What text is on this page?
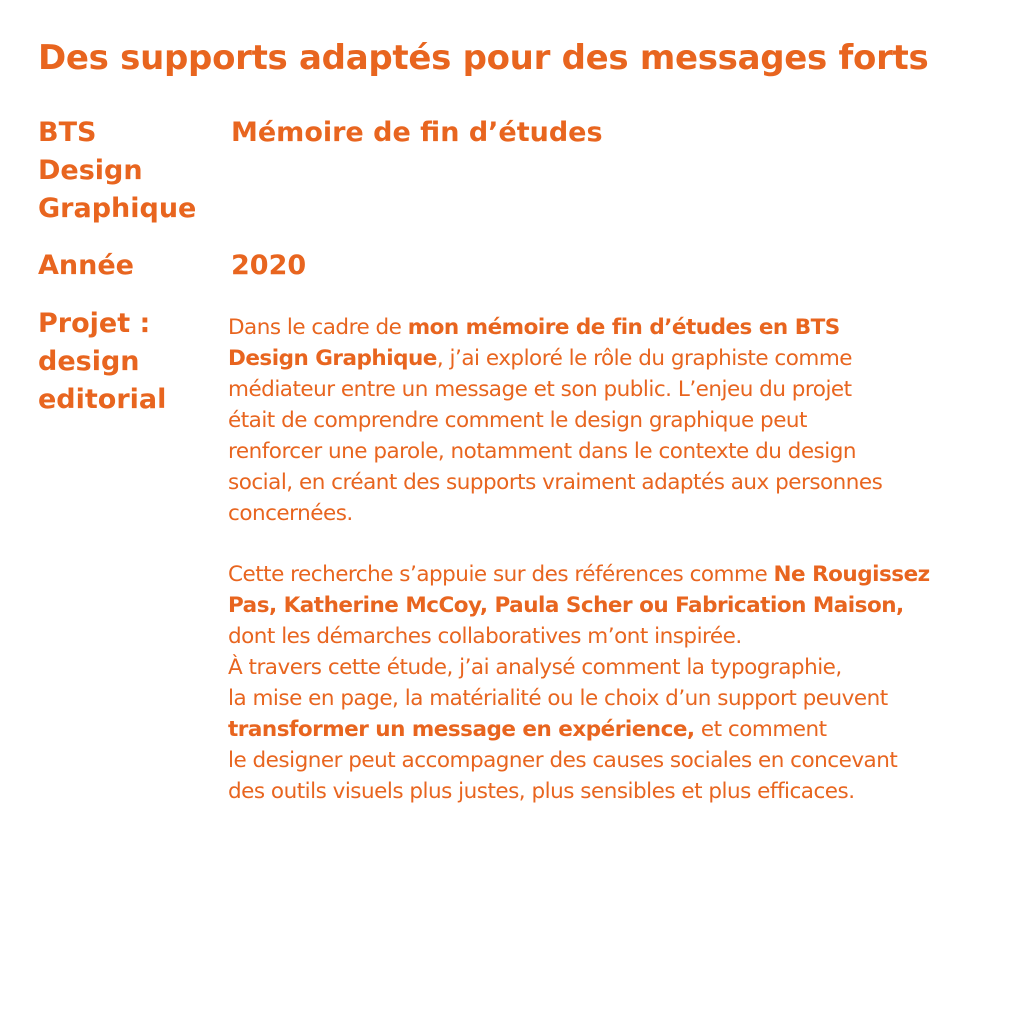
Des supports adaptés pour des messages forts
BTS
Design
Graphique
Mémoire de fin d’études
Année	2020
Projet :
design
editorial

Dans le cadre de mon mémoire de fin d’études en BTS
Design Graphique, j’ai exploré le rôle du graphiste comme
médiateur entre un message et son public. L’enjeu du projet
était de comprendre comment le design graphique peut
renforcer une parole, notamment dans le contexte du design
social, en créant des supports vraiment adaptés aux personnes
concernées.

Cette recherche s’appuie sur des références comme Ne Rougissez
Pas, Katherine McCoy, Paula Scher ou Fabrication Maison,
dont les démarches collaboratives m’ont inspirée.
À travers cette étude, j’ai analysé comment la typographie,
la mise en page, la matérialité ou le choix d’un support peuvent
transformer un message en expérience, et comment
le designer peut accompagner des causes sociales en concevant
des outils visuels plus justes, plus sensibles et plus efficaces.
